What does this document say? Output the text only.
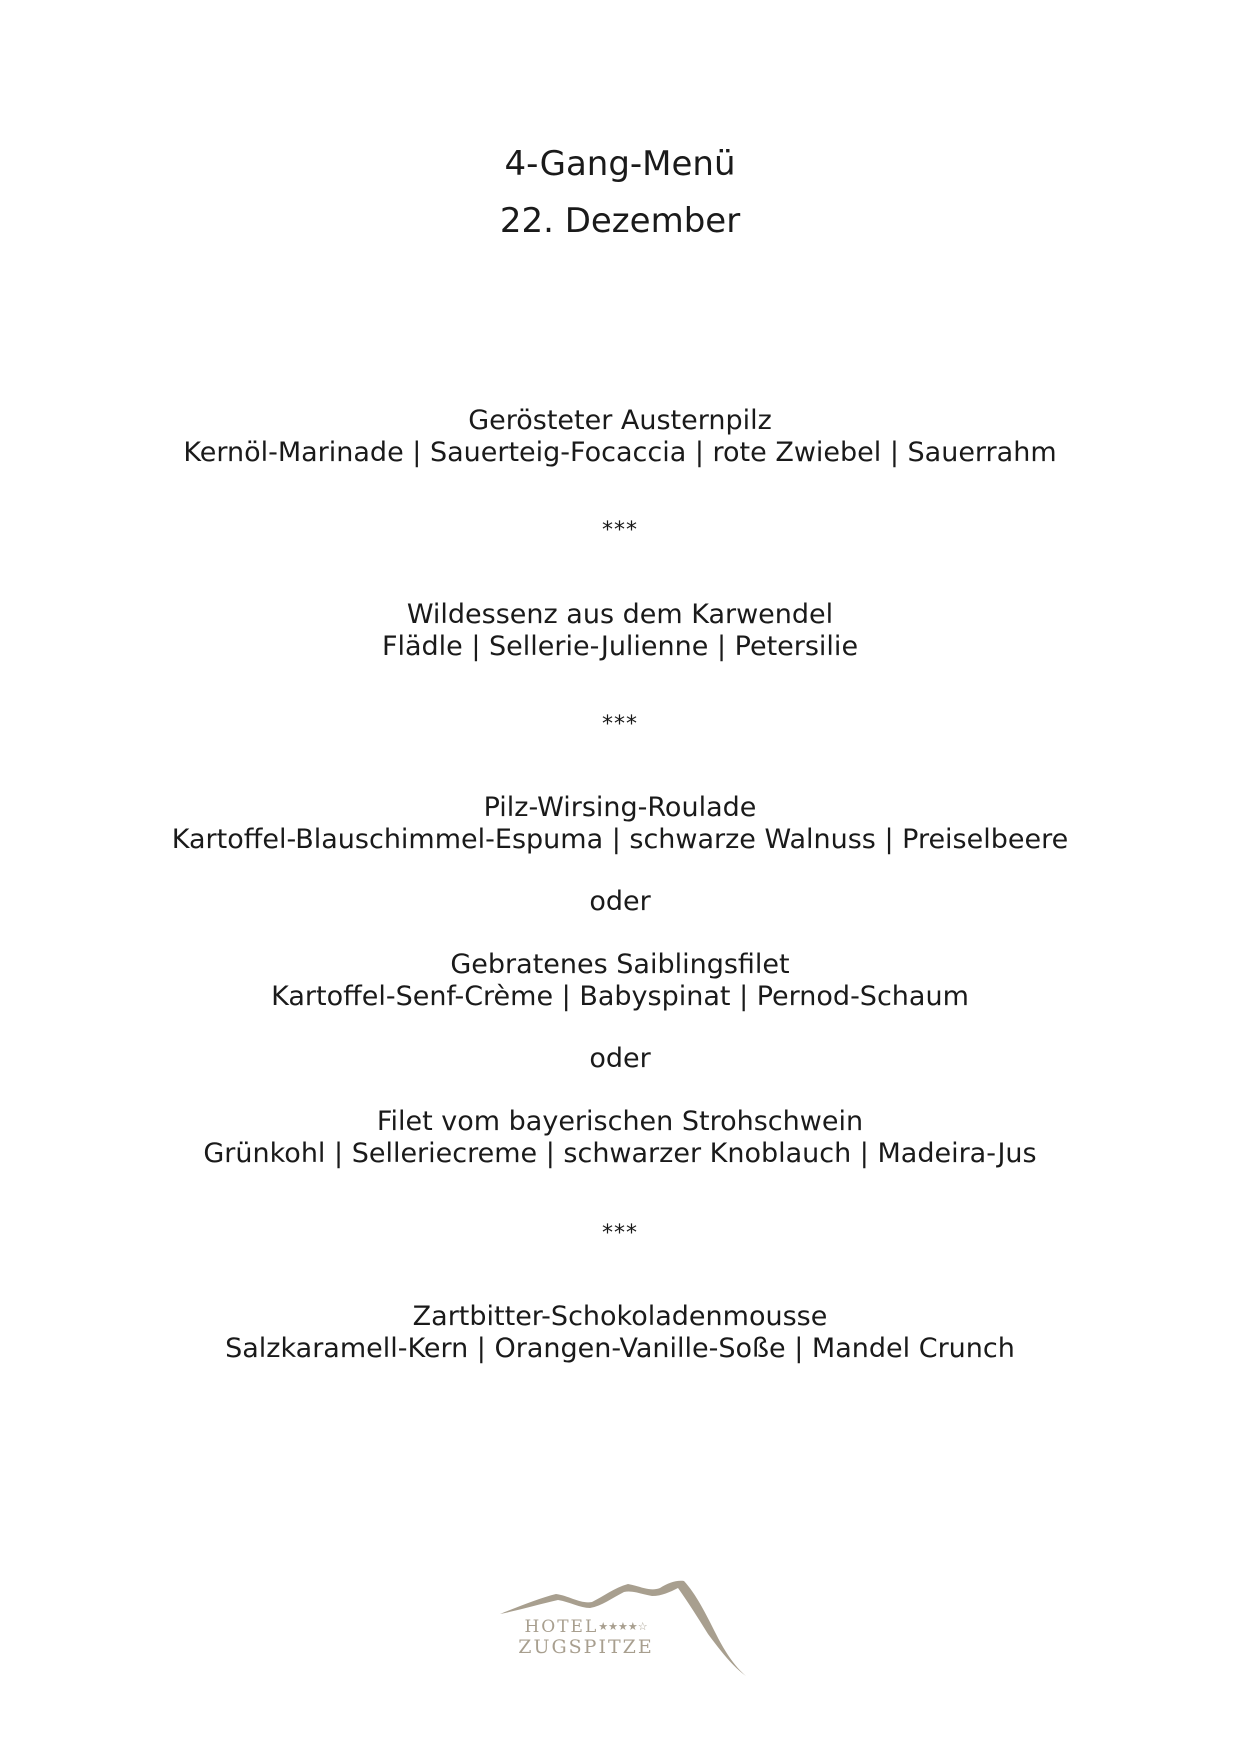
4-Gang-Menü
22. Dezember
Gerösteter Austernpilz
Kernöl-Marinade | Sauerteig-Focaccia | rote Zwiebel | Sauerrahm
***
Wildessenz aus dem Karwendel
Flädle | Sellerie-Julienne | Petersilie
***
Pilz-Wirsing-Roulade
Kartoffel-Blauschimmel-Espuma | schwarze Walnuss | Preiselbeere
oder
Gebratenes Saiblingsfilet
Kartoffel-Senf-Crème | Babyspinat | Pernod-Schaum
oder
Filet vom bayerischen Strohschwein
Grünkohl | Selleriecreme | schwarzer Knoblauch | Madeira-Jus
***
Zartbitter-Schokoladenmousse
Salzkaramell-Kern | Orangen-Vanille-Soße | Mandel Crunch
HOTEL★★★★☆
ZUGSPITZE
